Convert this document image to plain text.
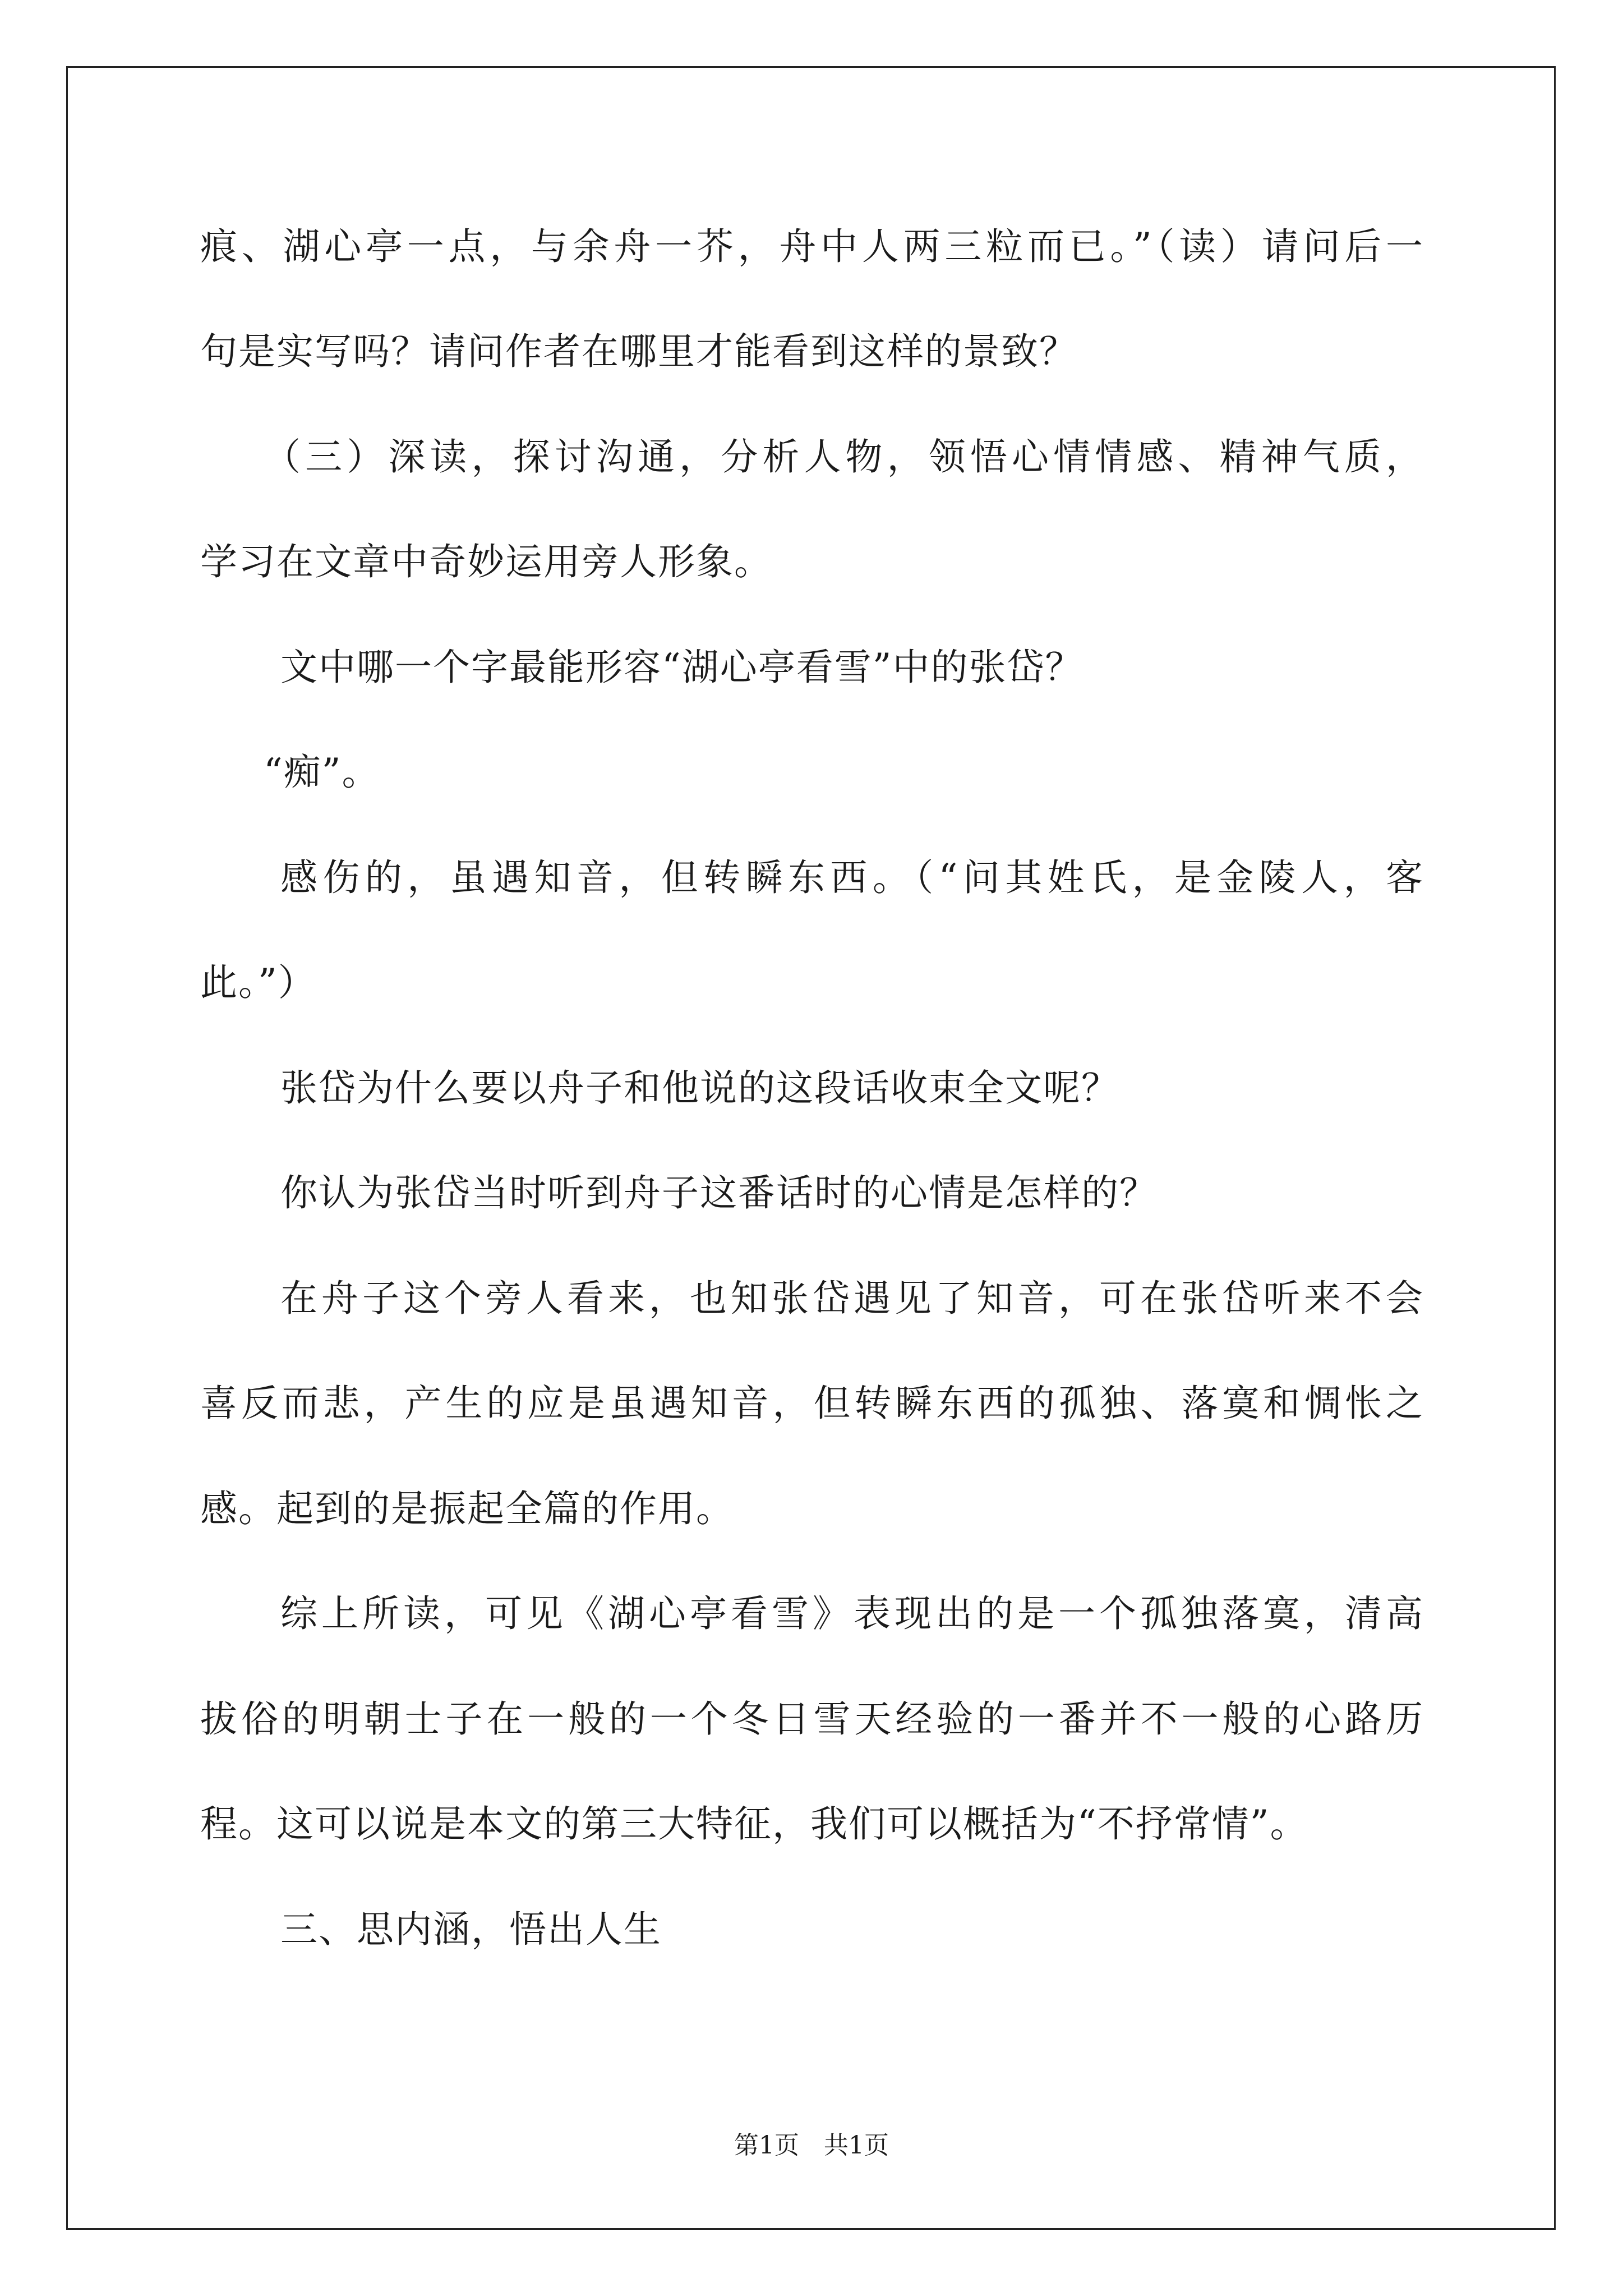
痕、湖心亭一点，与余舟一芥，舟中人两三粒而已。”（读）请问后一
句是实写吗？请问作者在哪里才能看到这样的景致？
（三）深读，探讨沟通，分析人物，领悟心情情感、精神气质，
学习在文章中奇妙运用旁人形象。
文中哪一个字最能形容“湖心亭看雪”中的张岱？
“痴”。
感伤的，虽遇知音，但转瞬东西。（“问其姓氏，是金陵人，客
此。”）
张岱为什么要以舟子和他说的这段话收束全文呢？
你认为张岱当时听到舟子这番话时的心情是怎样的？
在舟子这个旁人看来，也知张岱遇见了知音，可在张岱听来不会
喜反而悲，产生的应是虽遇知音，但转瞬东西的孤独、落寞和惆怅之
感。起到的是振起全篇的作用。
综上所读，可见《湖心亭看雪》表现出的是一个孤独落寞，清高
拔俗的明朝士子在一般的一个冬日雪天经验的一番并不一般的心路历
程。这可以说是本文的第三大特征，我们可以概括为“不抒常情”。
三、思内涵，悟出人生
第1页　共1页
